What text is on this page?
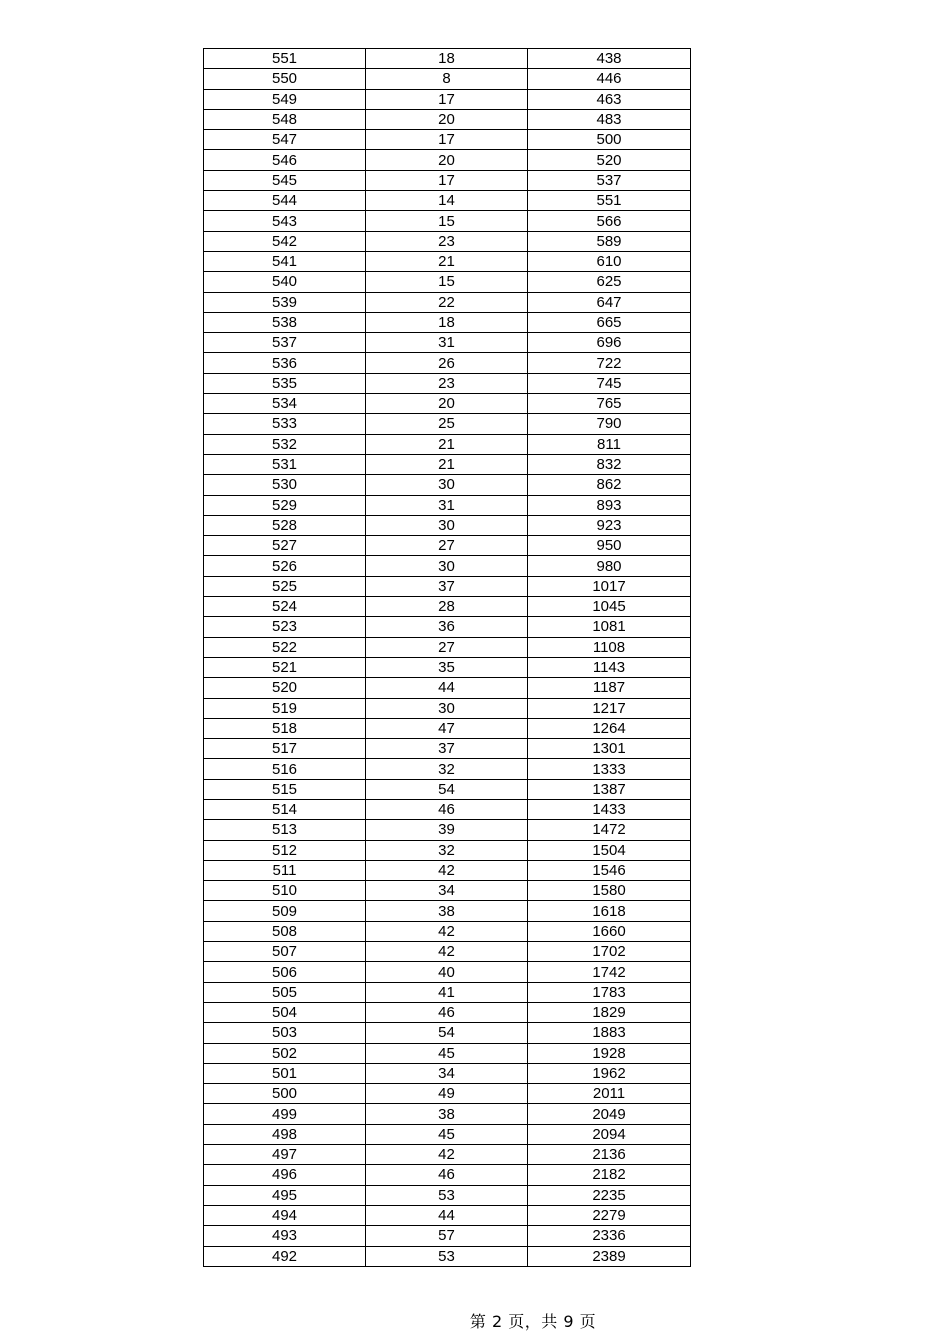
551	18	438
550	8	446
549	17	463
548	20	483
547	17	500
546	20	520
545	17	537
544	14	551
543	15	566
542	23	589
541	21	610
540	15	625
539	22	647
538	18	665
537	31	696
536	26	722
535	23	745
534	20	765
533	25	790
532	21	811
531	21	832
530	30	862
529	31	893
528	30	923
527	27	950
526	30	980
525	37	1017
524	28	1045
523	36	1081
522	27	1108
521	35	1143
520	44	1187
519	30	1217
518	47	1264
517	37	1301
516	32	1333
515	54	1387
514	46	1433
513	39	1472
512	32	1504
511	42	1546
510	34	1580
509	38	1618
508	42	1660
507	42	1702
506	40	1742
505	41	1783
504	46	1829
503	54	1883
502	45	1928
501	34	1962
500	49	2011
499	38	2049
498	45	2094
497	42	2136
496	46	2182
495	53	2235
494	44	2279
493	57	2336
492	53	2389
第 2 页，共 9 页
